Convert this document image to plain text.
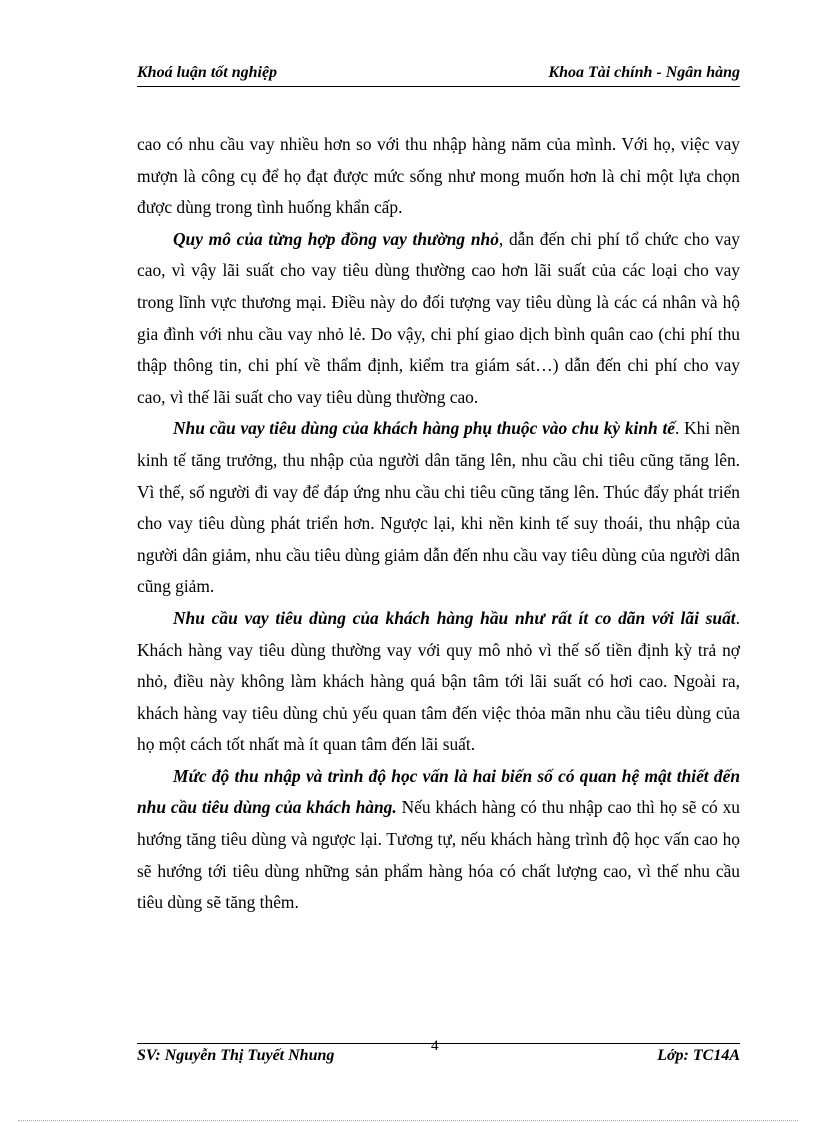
Khoá luận tốt nghiệp	Khoa Tài chính - Ngân hàng

cao có nhu cầu vay nhiều hơn so với thu nhập hàng năm của mình. Với họ, việc vay mượn là công cụ để họ đạt được mức sống như mong muốn hơn là chỉ một lựa chọn được dùng trong tình huống khẩn cấp.

Quy mô của từng hợp đồng vay thường nhỏ, dẫn đến chi phí tổ chức cho vay cao, vì vậy lãi suất cho vay tiêu dùng thường cao hơn lãi suất của các loại cho vay trong lĩnh vực thương mại. Điều này do đối tượng vay tiêu dùng là các cá nhân và hộ gia đình với nhu cầu vay nhỏ lẻ. Do vậy, chi phí giao dịch bình quân cao (chi phí thu thập thông tin, chi phí về thẩm định, kiểm tra giám sát…) dẫn đến chi phí cho vay cao, vì thế lãi suất cho vay tiêu dùng thường cao.

Nhu cầu vay tiêu dùng của khách hàng phụ thuộc vào chu kỳ kinh tế. Khi nền kinh tế tăng trưởng, thu nhập của người dân tăng lên, nhu cầu chi tiêu cũng tăng lên. Vì thế, số người đi vay để đáp ứng nhu cầu chi tiêu cũng tăng lên. Thúc đẩy phát triển cho vay tiêu dùng phát triển hơn. Ngược lại, khi nền kinh tế suy thoái, thu nhập của người dân giảm, nhu cầu tiêu dùng giảm dẫn đến nhu cầu vay tiêu dùng của người dân cũng giảm.

Nhu cầu vay tiêu dùng của khách hàng hầu như rất ít co dãn với lãi suất. Khách hàng vay tiêu dùng thường vay với quy mô nhỏ vì thế số tiền định kỳ trả nợ nhỏ, điều này không làm khách hàng quá bận tâm tới lãi suất có hơi cao. Ngoài ra, khách hàng vay tiêu dùng chủ yếu quan tâm đến việc thỏa mãn nhu cầu tiêu dùng của họ một cách tốt nhất mà ít quan tâm đến lãi suất.

Mức độ thu nhập và trình độ học vấn là hai biến số có quan hệ mật thiết đến nhu cầu tiêu dùng của khách hàng. Nếu khách hàng có thu nhập cao thì họ sẽ có xu hướng tăng tiêu dùng và ngược lại. Tương tự, nếu khách hàng trình độ học vấn cao họ sẽ hướng tới tiêu dùng những sản phẩm hàng hóa có chất lượng cao, vì thế nhu cầu tiêu dùng sẽ tăng thêm.

SV: Nguyễn Thị Tuyết Nhung
4
Lớp: TC14A
